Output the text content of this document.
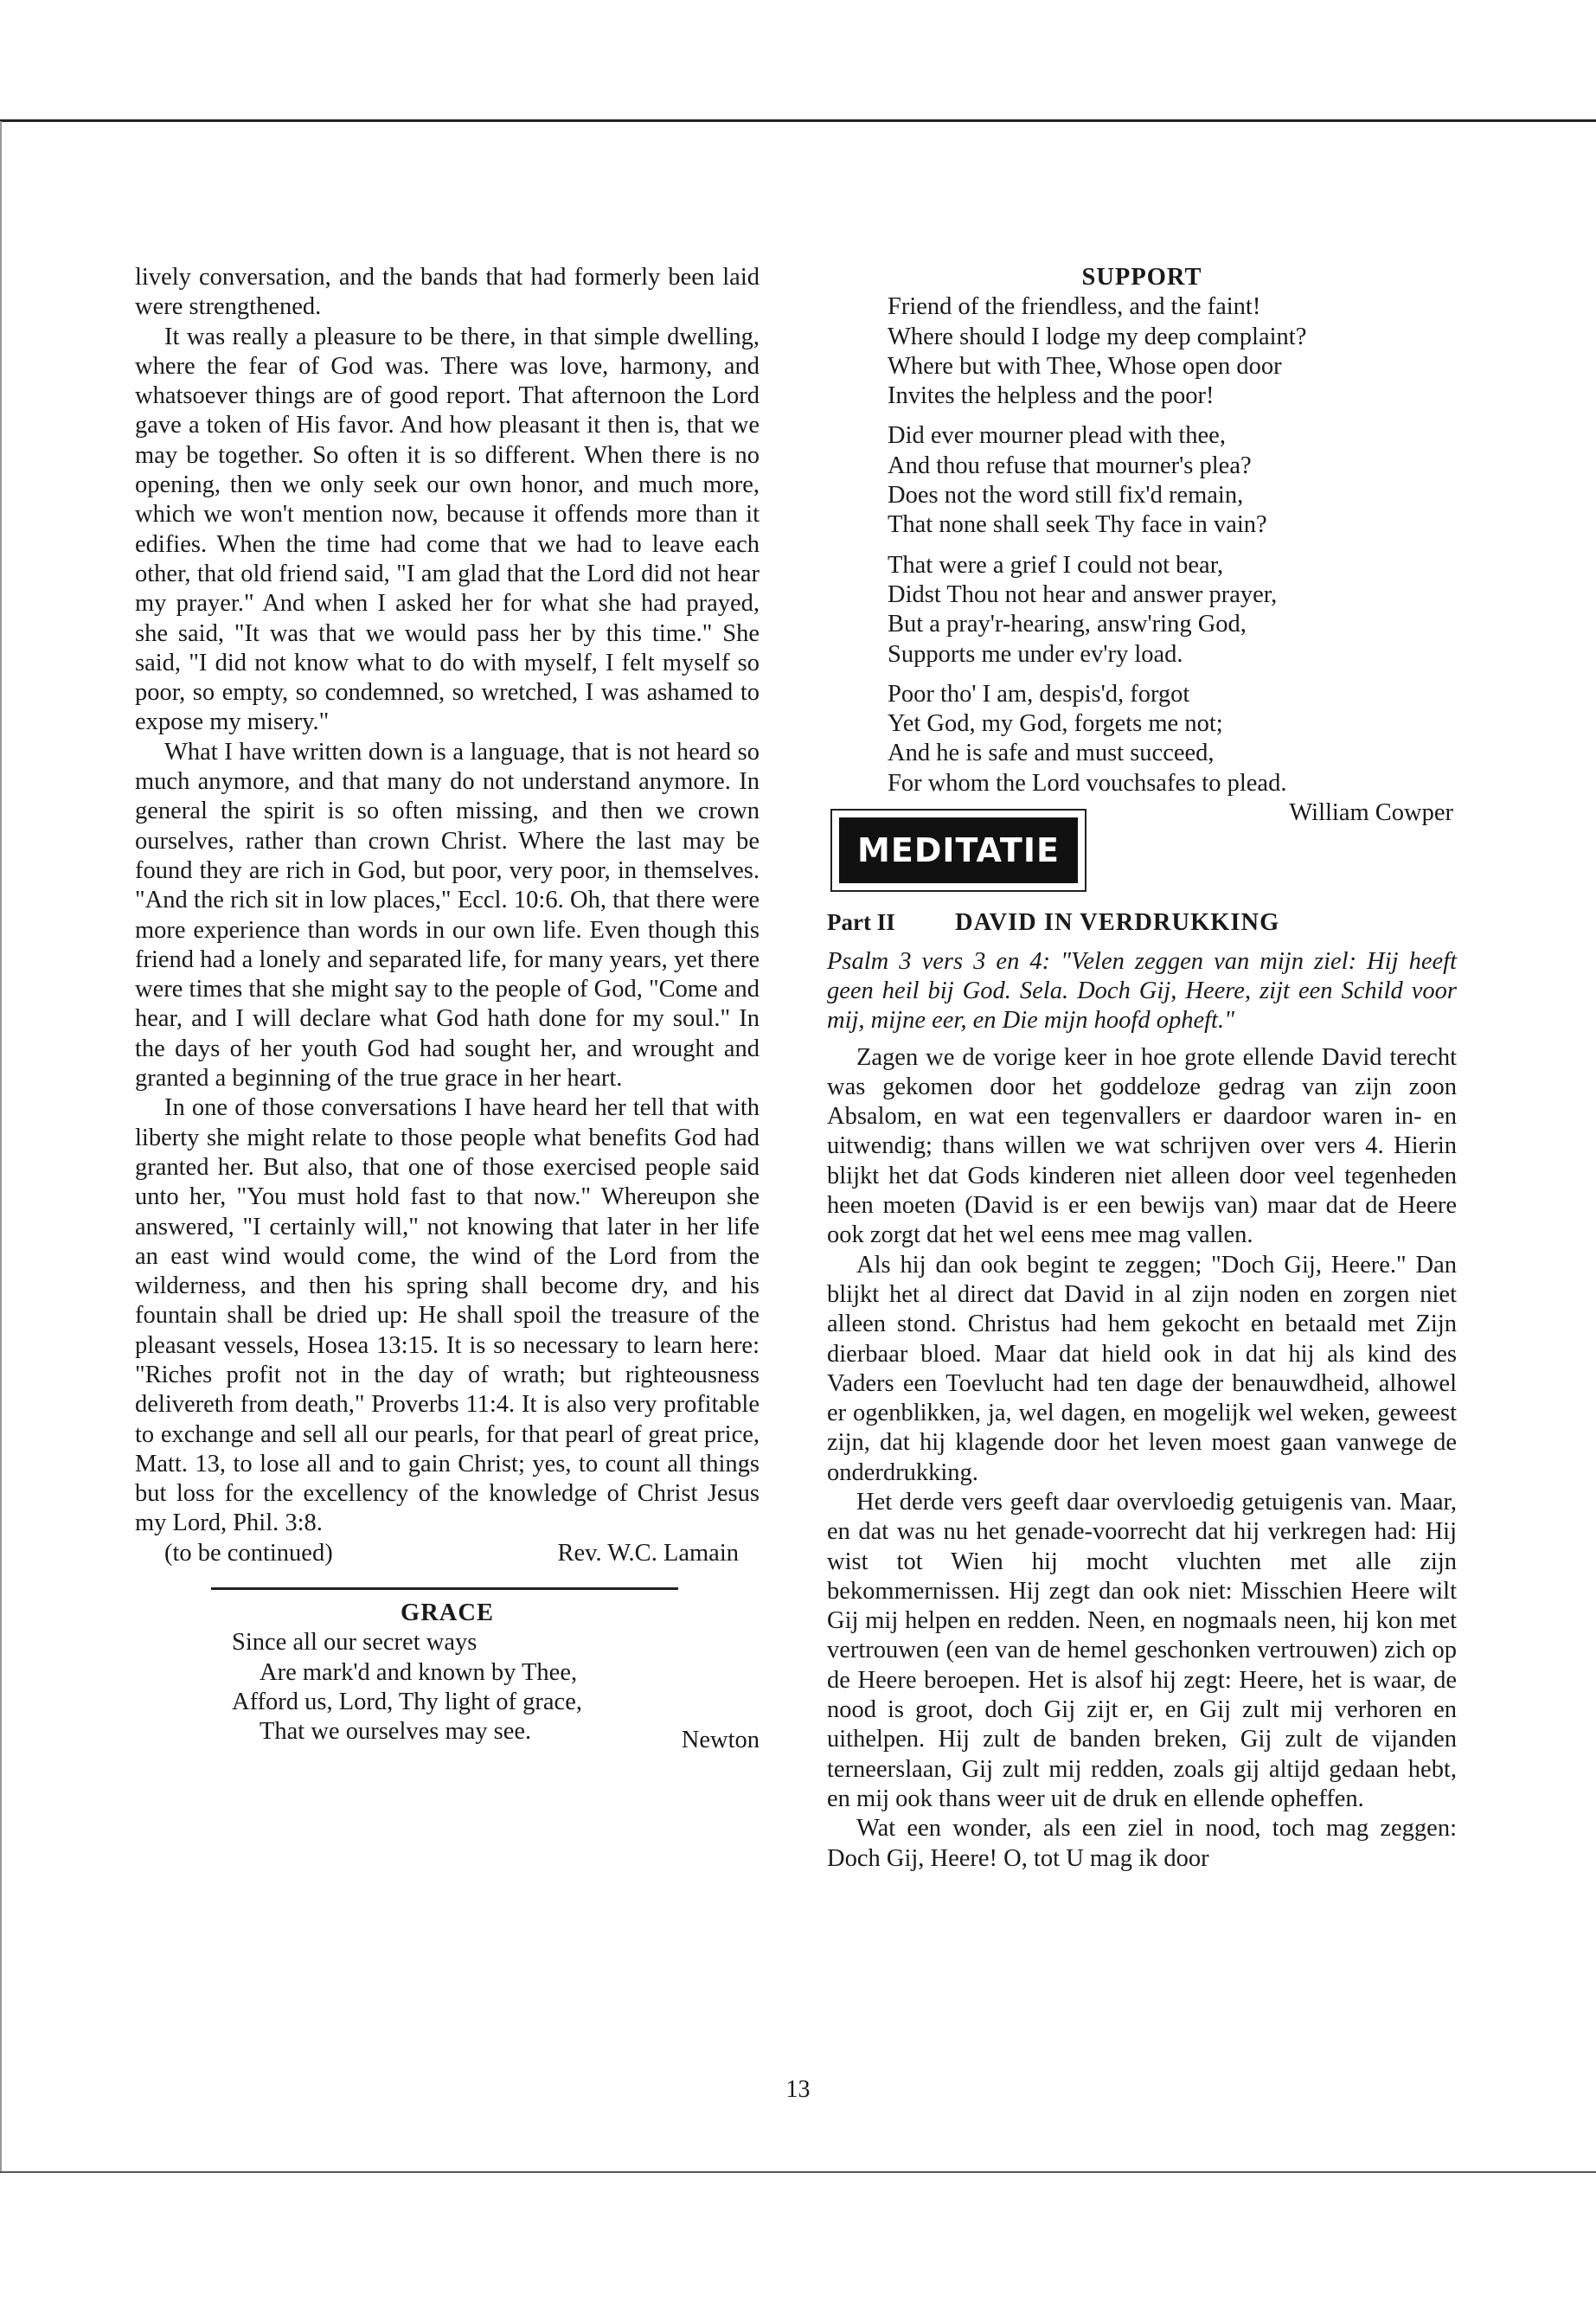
lively conversation, and the bands that had formerly been laid were strengthened.

It was really a pleasure to be there, in that simple dwelling, where the fear of God was. There was love, harmony, and whatsoever things are of good report. That afternoon the Lord gave a token of His favor. And how pleasant it then is, that we may be together. So often it is so different. When there is no opening, then we only seek our own honor, and much more, which we won't mention now, because it offends more than it edifies. When the time had come that we had to leave each other, that old friend said, "I am glad that the Lord did not hear my prayer." And when I asked her for what she had prayed, she said, "It was that we would pass her by this time." She said, "I did not know what to do with myself, I felt myself so poor, so empty, so condemned, so wretched, I was ashamed to expose my misery."

What I have written down is a language, that is not heard so much anymore, and that many do not understand anymore. In general the spirit is so often missing, and then we crown ourselves, rather than crown Christ. Where the last may be found they are rich in God, but poor, very poor, in themselves. "And the rich sit in low places," Eccl. 10:6. Oh, that there were more experience than words in our own life. Even though this friend had a lonely and separated life, for many years, yet there were times that she might say to the people of God, "Come and hear, and I will declare what God hath done for my soul." In the days of her youth God had sought her, and wrought and granted a beginning of the true grace in her heart.

In one of those conversations I have heard her tell that with liberty she might relate to those people what benefits God had granted her. But also, that one of those exercised people said unto her, "You must hold fast to that now." Whereupon she answered, "I certainly will," not knowing that later in her life an east wind would come, the wind of the Lord from the wilderness, and then his spring shall become dry, and his fountain shall be dried up: He shall spoil the treasure of the pleasant vessels, Hosea 13:15. It is so necessary to learn here: "Riches profit not in the day of wrath; but righteousness delivereth from death," Proverbs 11:4. It is also very profitable to exchange and sell all our pearls, for that pearl of great price, Matt. 13, to lose all and to gain Christ; yes, to count all things but loss for the excellency of the knowledge of Christ Jesus my Lord, Phil. 3:8.

(to be continued)	Rev. W.C. Lamain
GRACE
Since all our secret ways
Are mark'd and known by Thee,
Afford us, Lord, Thy light of grace,
That we ourselves may see.	Newton
SUPPORT
Friend of the friendless, and the faint!
Where should I lodge my deep complaint?
Where but with Thee, Whose open door
Invites the helpless and the poor!
Did ever mourner plead with thee,
And thou refuse that mourner's plea?
Does not the word still fix'd remain,
That none shall seek Thy face in vain?
That were a grief I could not bear,
Didst Thou not hear and answer prayer,
But a pray'r-hearing, answ'ring God,
Supports me under ev'ry load.
Poor tho' I am, despis'd, forgot
Yet God, my God, forgets me not;
And he is safe and must succeed,
For whom the Lord vouchsafes to plead.
William Cowper
MEDITATIE
Part II	DAVID IN VERDRUKKING

Psalm 3 vers 3 en 4: "Velen zeggen van mijn ziel: Hij heeft geen heil bij God. Sela. Doch Gij, Heere, zijt een Schild voor mij, mijne eer, en Die mijn hoofd opheft."

Zagen we de vorige keer in hoe grote ellende David terecht was gekomen door het goddeloze gedrag van zijn zoon Absalom, en wat een tegenvallers er daardoor waren in- en uitwendig; thans willen we wat schrijven over vers 4. Hierin blijkt het dat Gods kinderen niet alleen door veel tegenheden heen moeten (David is er een bewijs van) maar dat de Heere ook zorgt dat het wel eens mee mag vallen.

Als hij dan ook begint te zeggen; "Doch Gij, Heere." Dan blijkt het al direct dat David in al zijn noden en zorgen niet alleen stond. Christus had hem gekocht en betaald met Zijn dierbaar bloed. Maar dat hield ook in dat hij als kind des Vaders een Toevlucht had ten dage der benauwdheid, alhowel er ogenblikken, ja, wel dagen, en mogelijk wel weken, geweest zijn, dat hij klagende door het leven moest gaan vanwege de onderdrukking.

Het derde vers geeft daar overvloedig getuigenis van. Maar, en dat was nu het genade-voorrecht dat hij verkregen had: Hij wist tot Wien hij mocht vluchten met alle zijn bekommernissen. Hij zegt dan ook niet: Misschien Heere wilt Gij mij helpen en redden. Neen, en nogmaals neen, hij kon met vertrouwen (een van de hemel geschonken vertrouwen) zich op de Heere beroepen. Het is alsof hij zegt: Heere, het is waar, de nood is groot, doch Gij zijt er, en Gij zult mij verhoren en uithelpen. Hij zult de banden breken, Gij zult de vijanden terneerslaan, Gij zult mij redden, zoals gij altijd gedaan hebt, en mij ook thans weer uit de druk en ellende opheffen.

Wat een wonder, als een ziel in nood, toch mag zeggen: Doch Gij, Heere! O, tot U mag ik door

13
